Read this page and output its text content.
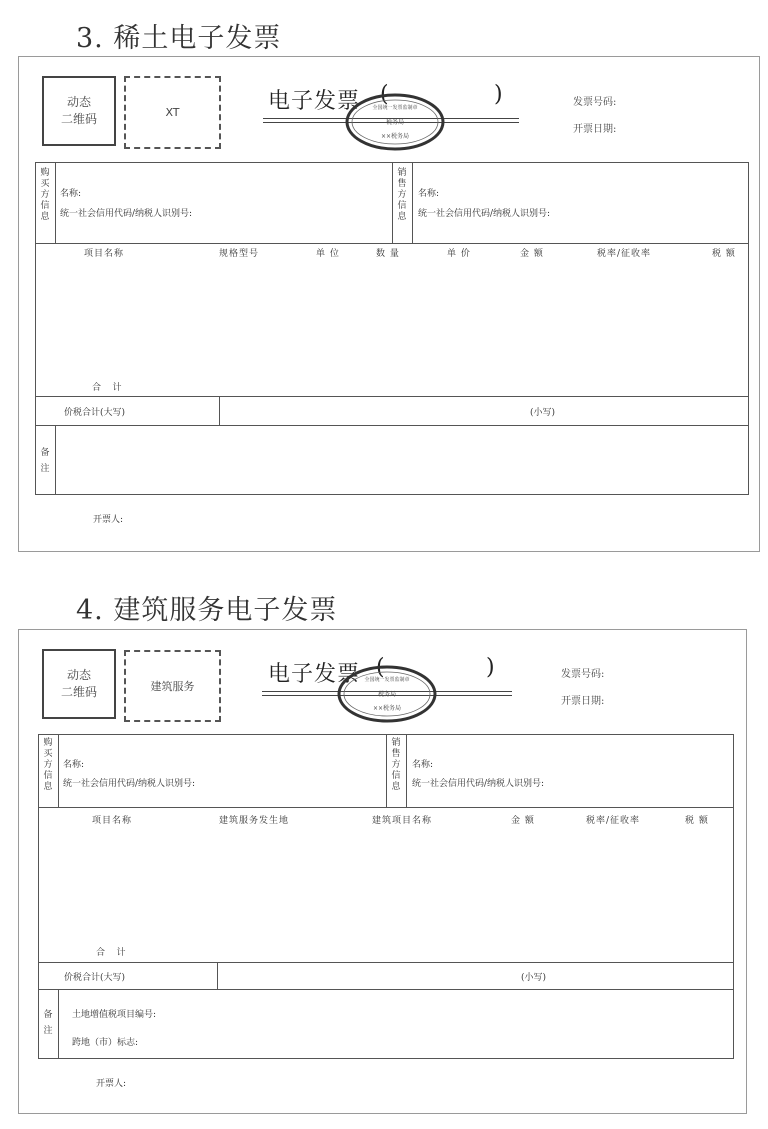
3. 稀土电子发票
动态
二维码	XT	电子发票 (	)
全国统一发票监制章
税务局
××税务局
发票号码:
开票日期:
购买方信息
销售方信息
名称:
统一社会信用代码/纳税人识别号:
名称:
统一社会信用代码/纳税人识别号:
项目名称	规格型号	单 位	数 量	单 价	金 额	税率/征收率	税 额
合    计
价税合计(大写)	(小写)
备注
开票人:
4. 建筑服务电子发票
动态
二维码	建筑服务	电子发票 (	)
全国统一发票监制章
税务局
××税务局
发票号码:
开票日期:
购买方信息
销售方信息
名称:
统一社会信用代码/纳税人识别号:
名称:
统一社会信用代码/纳税人识别号:
项目名称	建筑服务发生地	建筑项目名称	金 额	税率/征收率	税 额
合    计
价税合计(大写)	(小写)
备注
土地增值税项目编号:
跨地（市）标志:
开票人:
